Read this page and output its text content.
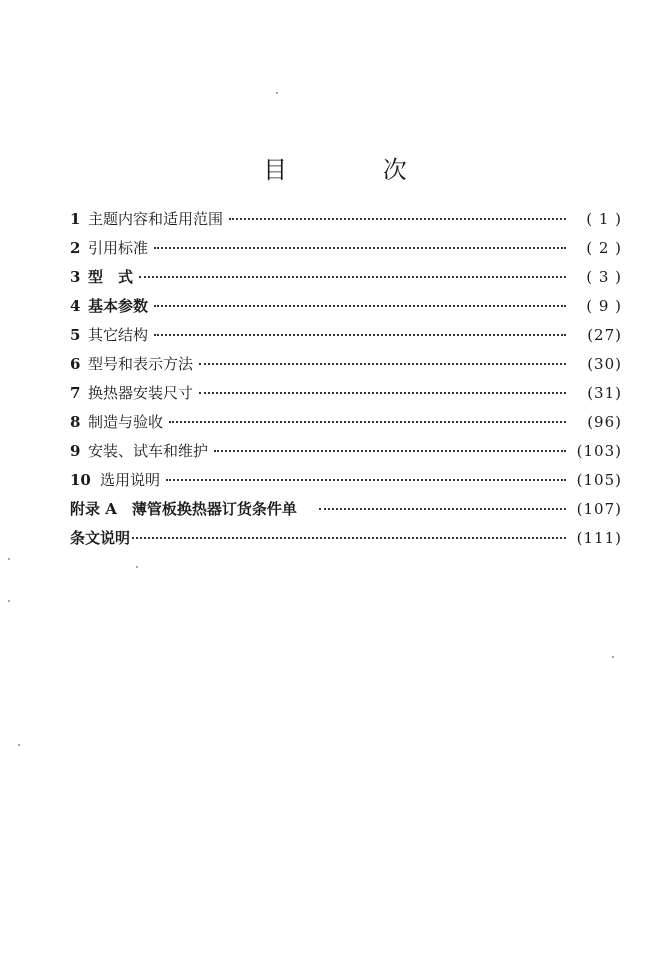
目 次
1 主题内容和适用范围	( 1 )
2 引用标准	( 2 )
3 型　式	( 3 )
4 基本参数	( 9 )
5 其它结构	(27)
6 型号和表示方法	(30)
7 换热器安装尺寸	(31)
8 制造与验收	(96)
9 安装、试车和维护	(103)
10 选用说明	(105)
附录 A　薄管板换热器订货条件单	(107)
条文说明	(111)
